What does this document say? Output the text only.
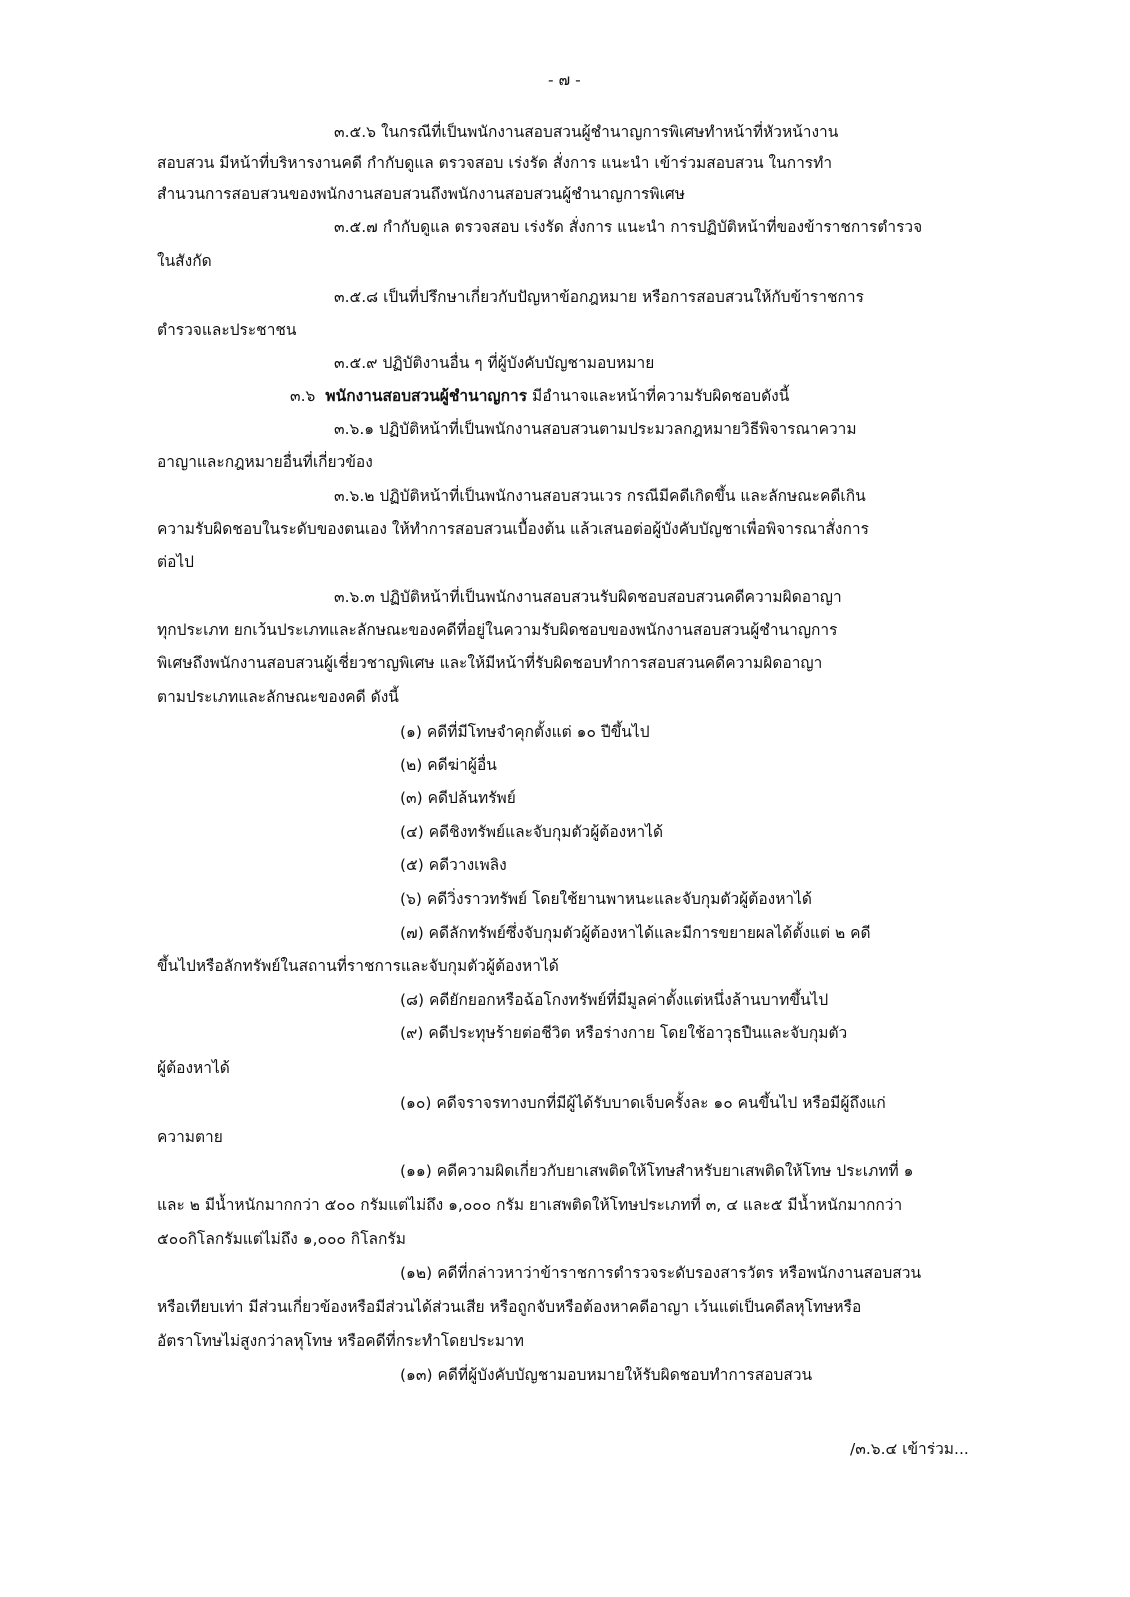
- ๗ -
๓.๕.๖ ในกรณีที่เป็นพนักงานสอบสวนผู้ชำนาญการพิเศษทำหน้าที่หัวหน้างาน
สอบสวน มีหน้าที่บริหารงานคดี กำกับดูแล ตรวจสอบ เร่งรัด สั่งการ แนะนำ เข้าร่วมสอบสวน ในการทำ
สำนวนการสอบสวนของพนักงานสอบสวนถึงพนักงานสอบสวนผู้ชำนาญการพิเศษ
๓.๕.๗ กำกับดูแล ตรวจสอบ เร่งรัด สั่งการ แนะนำ การปฏิบัติหน้าที่ของข้าราชการตำรวจ
ในสังกัด
๓.๕.๘ เป็นที่ปรึกษาเกี่ยวกับปัญหาข้อกฎหมาย หรือการสอบสวนให้กับข้าราชการ
ตำรวจและประชาชน
๓.๕.๙ ปฏิบัติงานอื่น ๆ ที่ผู้บังคับบัญชามอบหมาย
๓.๖ พนักงานสอบสวนผู้ชำนาญการ มีอำนาจและหน้าที่ความรับผิดชอบดังนี้
๓.๖.๑ ปฏิบัติหน้าที่เป็นพนักงานสอบสวนตามประมวลกฎหมายวิธีพิจารณาความ
อาญาและกฎหมายอื่นที่เกี่ยวข้อง
๓.๖.๒ ปฏิบัติหน้าที่เป็นพนักงานสอบสวนเวร กรณีมีคดีเกิดขึ้น และลักษณะคดีเกิน
ความรับผิดชอบในระดับของตนเอง ให้ทำการสอบสวนเบื้องต้น แล้วเสนอต่อผู้บังคับบัญชาเพื่อพิจารณาสั่งการ
ต่อไป
๓.๖.๓ ปฏิบัติหน้าที่เป็นพนักงานสอบสวนรับผิดชอบสอบสวนคดีความผิดอาญา
ทุกประเภท ยกเว้นประเภทและลักษณะของคดีที่อยู่ในความรับผิดชอบของพนักงานสอบสวนผู้ชำนาญการ
พิเศษถึงพนักงานสอบสวนผู้เชี่ยวชาญพิเศษ และให้มีหน้าที่รับผิดชอบทำการสอบสวนคดีความผิดอาญา
ตามประเภทและลักษณะของคดี ดังนี้
(๑) คดีที่มีโทษจำคุกตั้งแต่ ๑๐ ปีขึ้นไป
(๒) คดีฆ่าผู้อื่น
(๓) คดีปล้นทรัพย์
(๔) คดีชิงทรัพย์และจับกุมตัวผู้ต้องหาได้
(๕) คดีวางเพลิง
(๖) คดีวิ่งราวทรัพย์ โดยใช้ยานพาหนะและจับกุมตัวผู้ต้องหาได้
(๗) คดีลักทรัพย์ซึ่งจับกุมตัวผู้ต้องหาได้และมีการขยายผลได้ตั้งแต่ ๒ คดี
ขึ้นไปหรือลักทรัพย์ในสถานที่ราชการและจับกุมตัวผู้ต้องหาได้
(๘) คดียักยอกหรือฉ้อโกงทรัพย์ที่มีมูลค่าตั้งแต่หนึ่งล้านบาทขึ้นไป
(๙) คดีประทุษร้ายต่อชีวิต หรือร่างกาย โดยใช้อาวุธปืนและจับกุมตัว
ผู้ต้องหาได้
(๑๐) คดีจราจรทางบกที่มีผู้ได้รับบาดเจ็บครั้งละ ๑๐ คนขึ้นไป หรือมีผู้ถึงแก่
ความตาย
(๑๑) คดีความผิดเกี่ยวกับยาเสพติดให้โทษสำหรับยาเสพติดให้โทษ ประเภทที่ ๑
และ ๒ มีน้ำหนักมากกว่า ๕๐๐ กรัมแต่ไม่ถึง ๑,๐๐๐ กรัม ยาเสพติดให้โทษประเภทที่ ๓, ๔ และ๕ มีน้ำหนักมากกว่า
๕๐๐กิโลกรัมแต่ไม่ถึง ๑,๐๐๐ กิโลกรัม
(๑๒) คดีที่กล่าวหาว่าข้าราชการตำรวจระดับรองสารวัตร หรือพนักงานสอบสวน
หรือเทียบเท่า มีส่วนเกี่ยวข้องหรือมีส่วนได้ส่วนเสีย หรือถูกจับหรือต้องหาคดีอาญา เว้นแต่เป็นคดีลหุโทษหรือ
อัตราโทษไม่สูงกว่าลหุโทษ หรือคดีที่กระทำโดยประมาท
(๑๓) คดีที่ผู้บังคับบัญชามอบหมายให้รับผิดชอบทำการสอบสวน
/๓.๖.๔ เข้าร่วม...
